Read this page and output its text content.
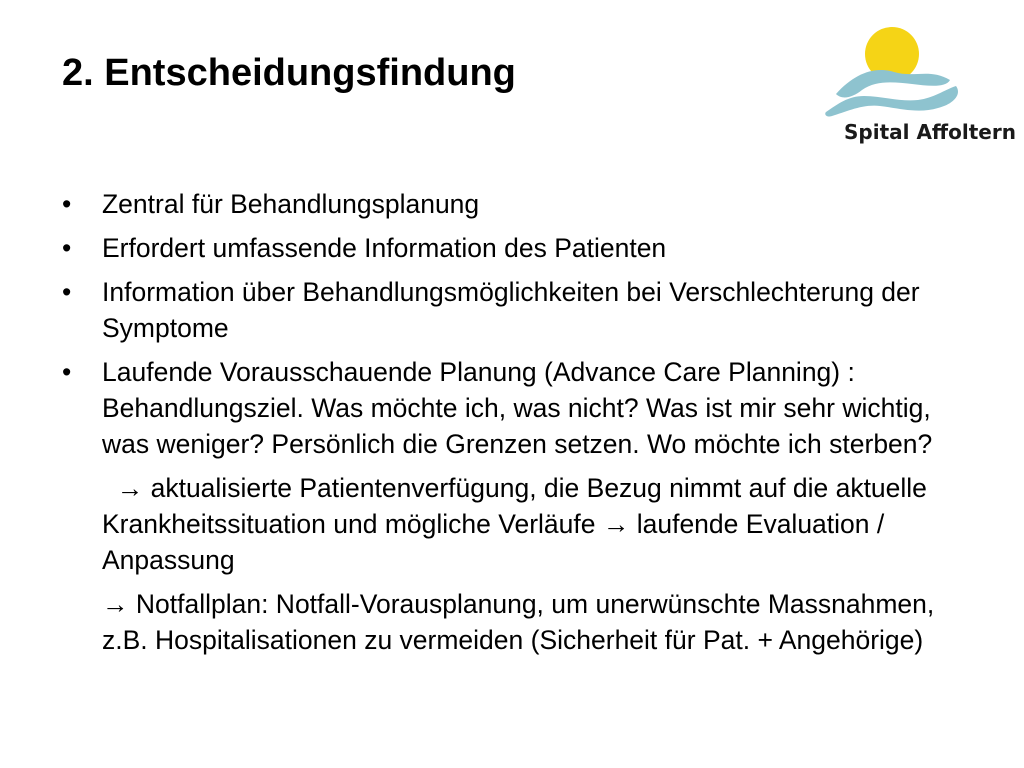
2. Entscheidungsfindung
Spital Affoltern
• Zentral für Behandlungsplanung
• Erfordert umfassende Information des Patienten
• Information über Behandlungsmöglichkeiten bei Verschlechterung der Symptome
• Laufende Vorausschauende Planung (Advance Care Planning) : Behandlungsziel. Was möchte ich, was nicht? Was ist mir sehr wichtig, was weniger? Persönlich die Grenzen setzen. Wo möchte ich sterben?
→ aktualisierte Patientenverfügung, die Bezug nimmt auf die aktuelle Krankheitssituation und mögliche Verläufe → laufende Evaluation / Anpassung
→ Notfallplan: Notfall-Vorausplanung, um unerwünschte Massnahmen, z.B. Hospitalisationen zu vermeiden (Sicherheit für Pat. + Angehörige)
